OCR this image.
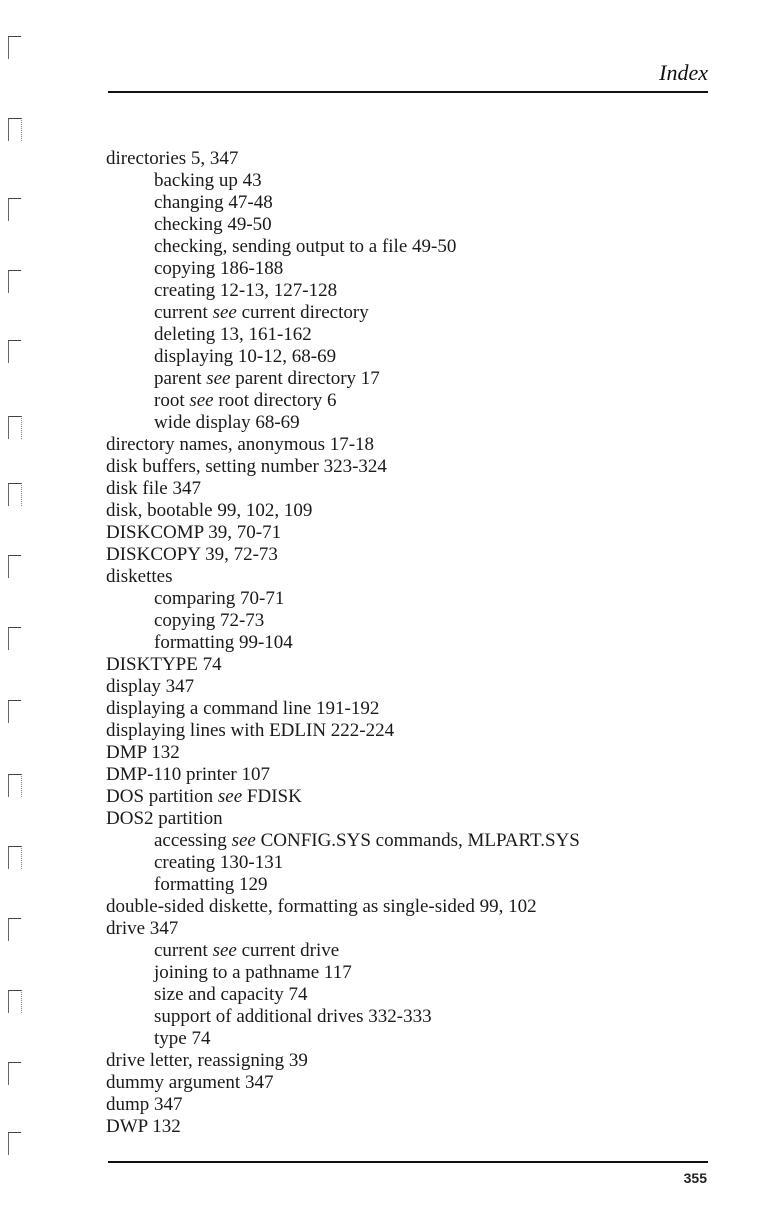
Index
directories 5, 347
backing up 43
changing 47-48
checking 49-50
checking, sending output to a file 49-50
copying 186-188
creating 12-13, 127-128
current see current directory
deleting 13, 161-162
displaying 10-12, 68-69
parent see parent directory 17
root see root directory 6
wide display 68-69
directory names, anonymous 17-18
disk buffers, setting number 323-324
disk file 347
disk, bootable 99, 102, 109
DISKCOMP 39, 70-71
DISKCOPY 39, 72-73
diskettes
comparing 70-71
copying 72-73
formatting 99-104
DISKTYPE 74
display 347
displaying a command line 191-192
displaying lines with EDLIN 222-224
DMP 132
DMP-110 printer 107
DOS partition see FDISK
DOS2 partition
accessing see CONFIG.SYS commands, MLPART.SYS
creating 130-131
formatting 129
double-sided diskette, formatting as single-sided 99, 102
drive 347
current see current drive
joining to a pathname 117
size and capacity 74
support of additional drives 332-333
type 74
drive letter, reassigning 39
dummy argument 347
dump 347
DWP 132
355
